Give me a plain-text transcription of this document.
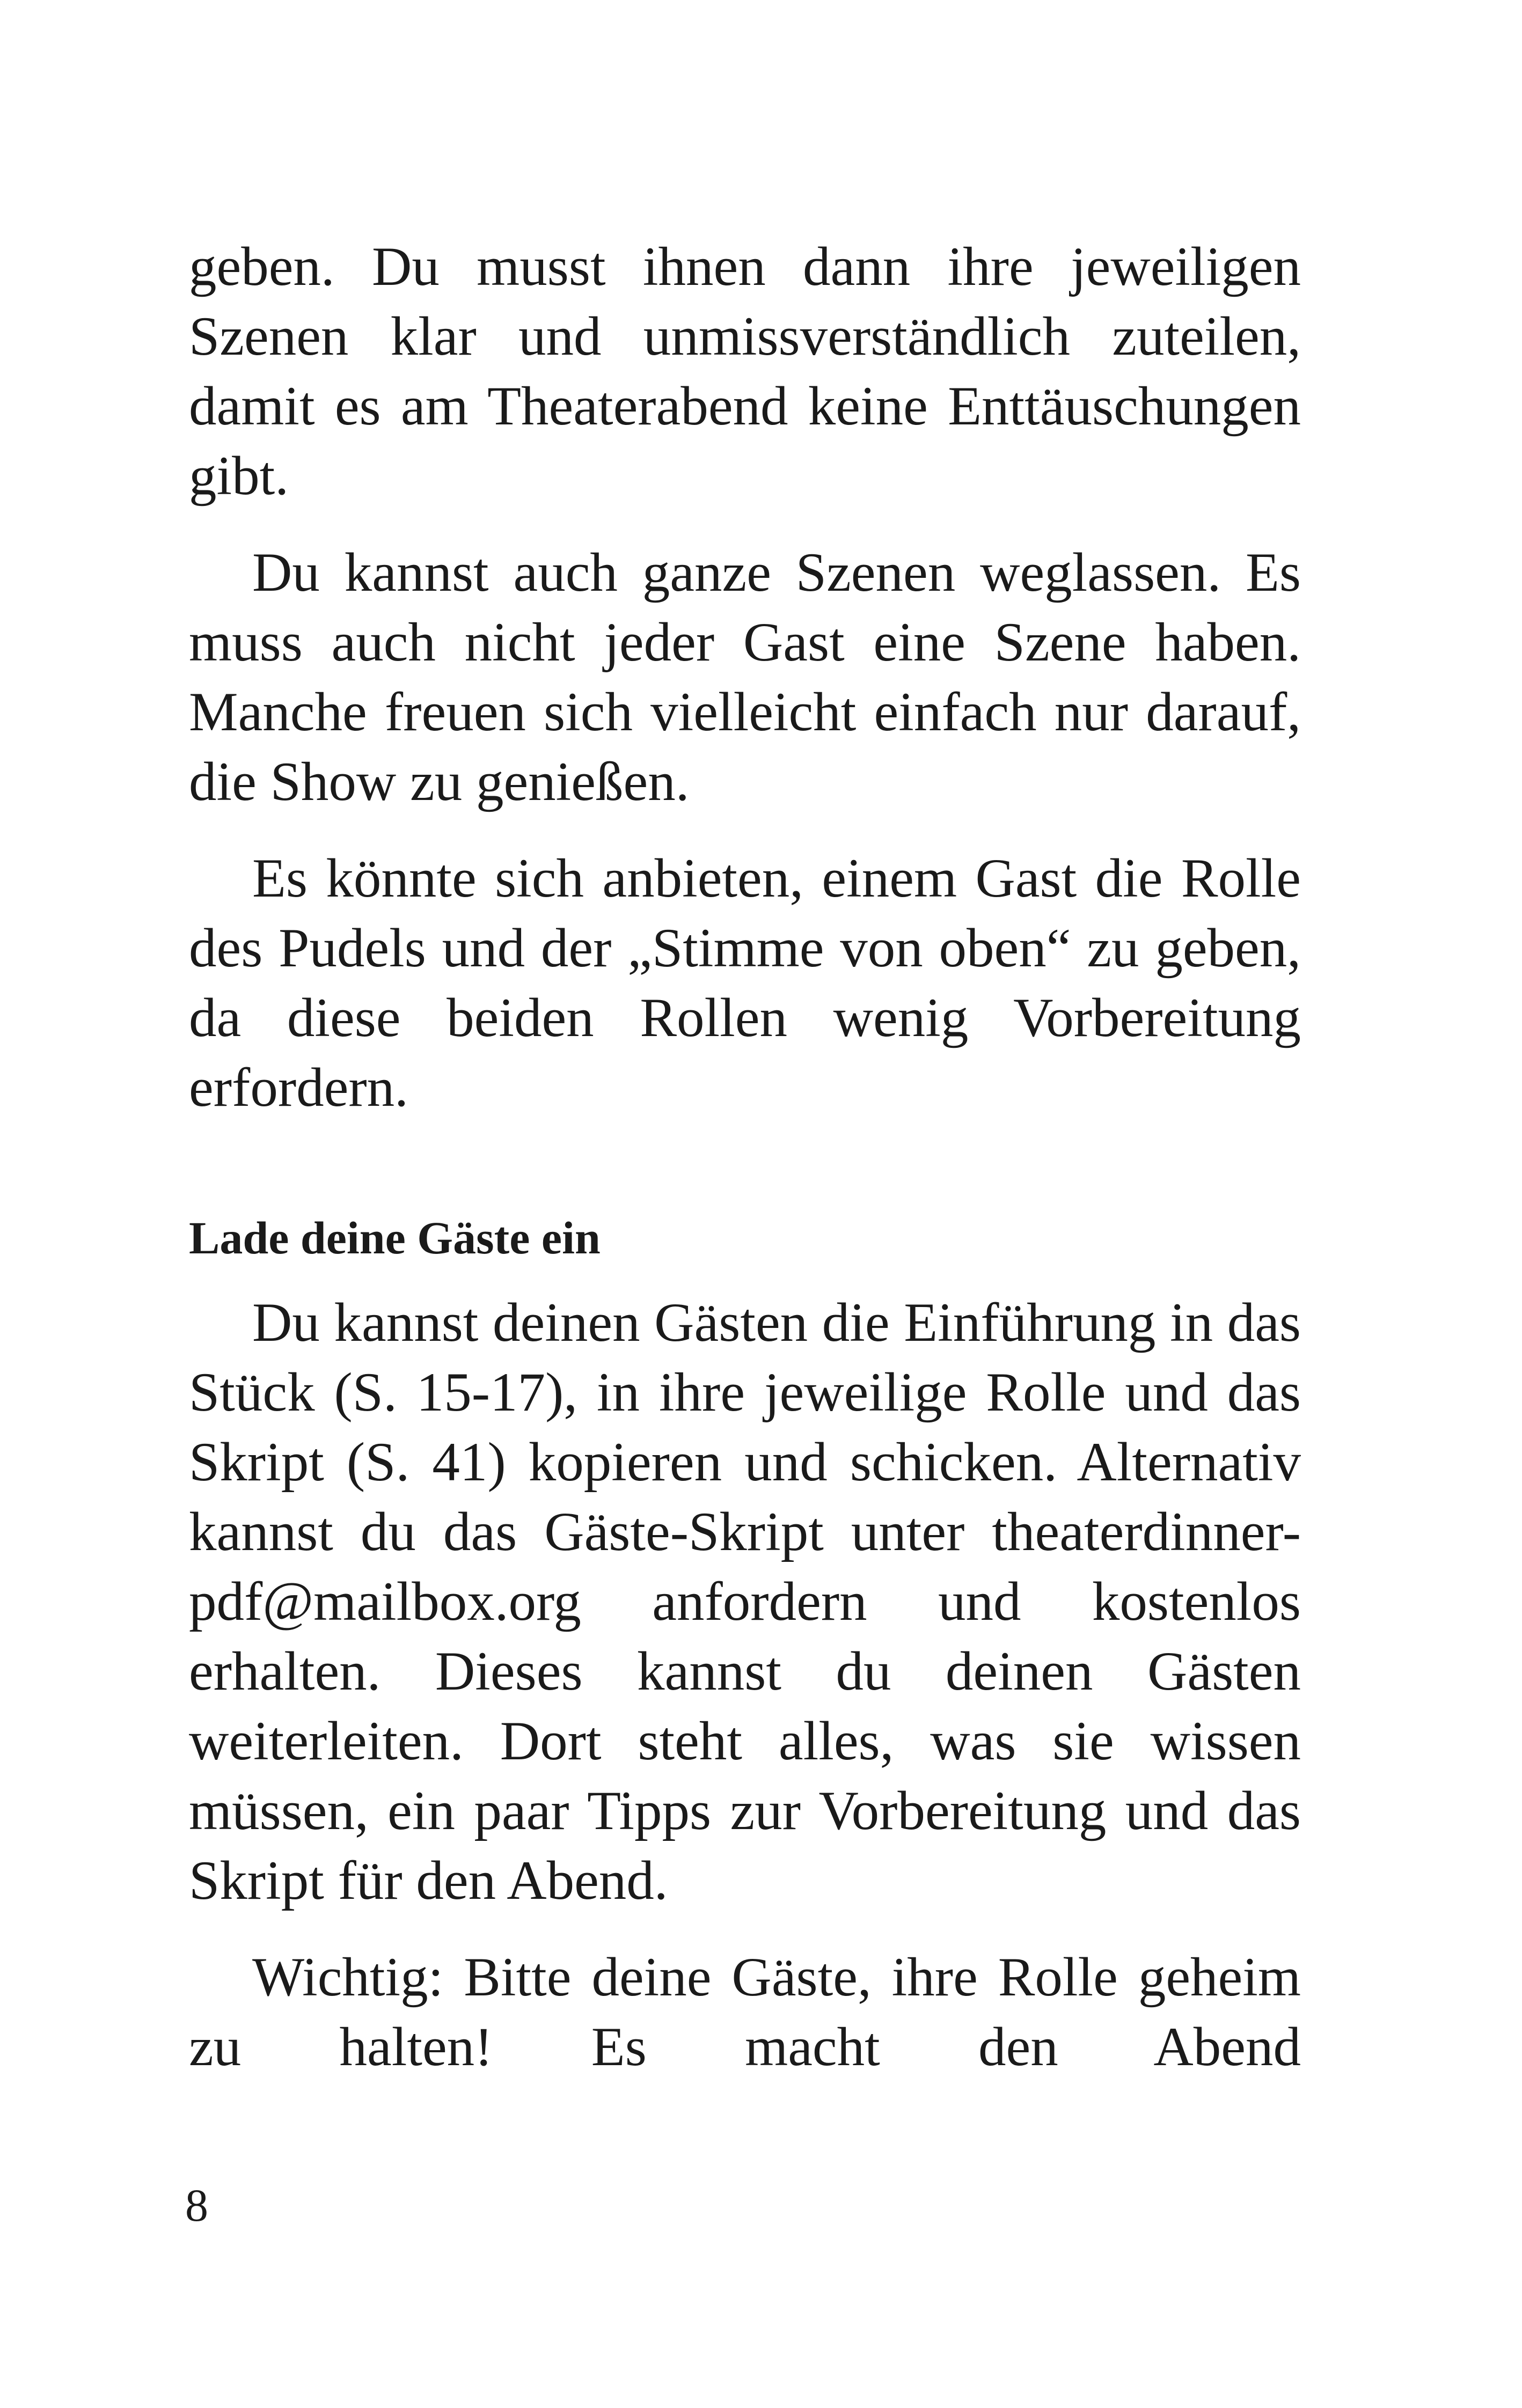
geben. Du musst ihnen dann ihre jeweiligen Szenen klar und unmissverständlich zuteilen, damit es am Theaterabend keine Enttäuschungen gibt.

Du kannst auch ganze Szenen weglassen. Es muss auch nicht jeder Gast eine Szene haben. Manche freuen sich vielleicht einfach nur darauf, die Show zu genießen.

Es könnte sich anbieten, einem Gast die Rolle des Pudels und der „Stimme von oben“ zu geben, da diese beiden Rollen wenig Vorbereitung erfordern.

Lade deine Gäste ein

Du kannst deinen Gästen die Einführung in das Stück (S. 15-17), in ihre jeweilige Rolle und das Skript (S. 41) kopieren und schicken. Alternativ kannst du das Gäste-Skript unter theaterdinner-pdf@mailbox.org anfordern und kostenlos erhalten. Dieses kannst du deinen Gästen weiterleiten. Dort steht alles, was sie wissen müssen, ein paar Tipps zur Vorbereitung und das Skript für den Abend.

Wichtig: Bitte deine Gäste, ihre Rolle geheim zu halten! Es macht den Abend

8
